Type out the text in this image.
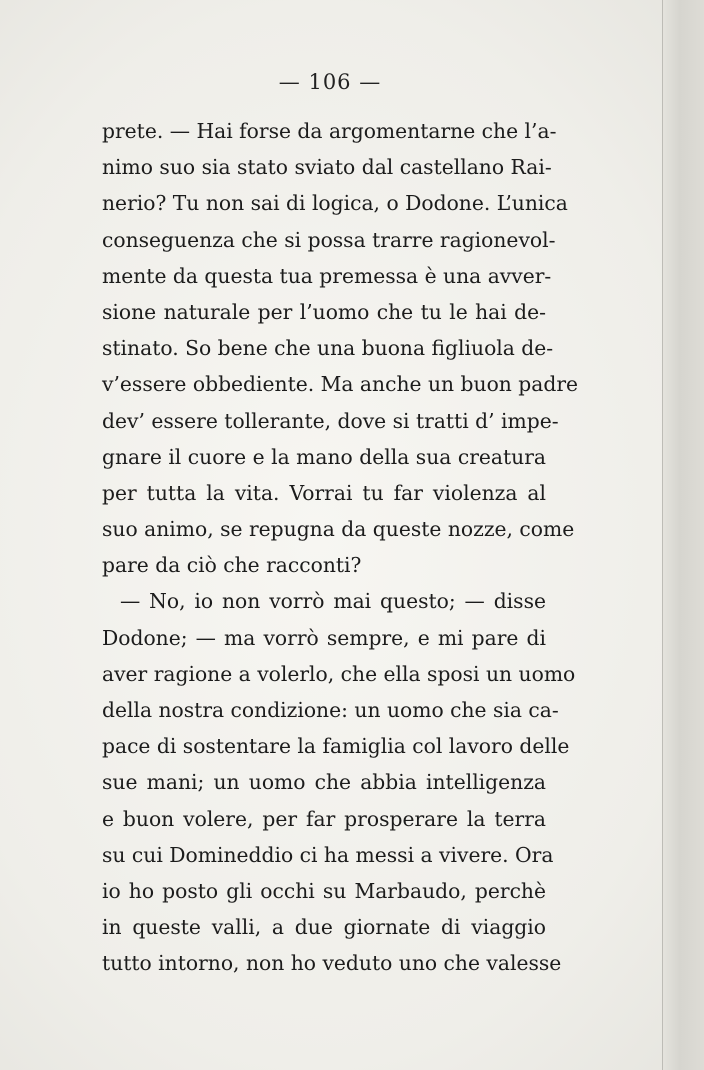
— 106 —
prete. — Hai forse da argomentarne che l’a-
nimo suo sia stato sviato dal castellano Rai-
nerio? Tu non sai di logica, o Dodone. L’unica
conseguenza che si possa trarre ragionevol-
mente da questa tua premessa è una avver-
sione naturale per l’uomo che tu le hai de-
stinato. So bene che una buona figliuola de-
v’essere obbediente. Ma anche un buon padre
dev’ essere tollerante, dove si tratti d’ impe-
gnare il cuore e la mano della sua creatura
per tutta la vita. Vorrai tu far violenza al
suo animo, se repugna da queste nozze, come
pare da ciò che racconti?
— No, io non vorrò mai questo; — disse
Dodone; — ma vorrò sempre, e mi pare di
aver ragione a volerlo, che ella sposi un uomo
della nostra condizione: un uomo che sia ca-
pace di sostentare la famiglia col lavoro delle
sue mani; un uomo che abbia intelligenza
e buon volere, per far prosperare la terra
su cui Domineddio ci ha messi a vivere. Ora
io ho posto gli occhi su Marbaudo, perchè
in queste valli, a due giornate di viaggio
tutto intorno, non ho veduto uno che valesse
